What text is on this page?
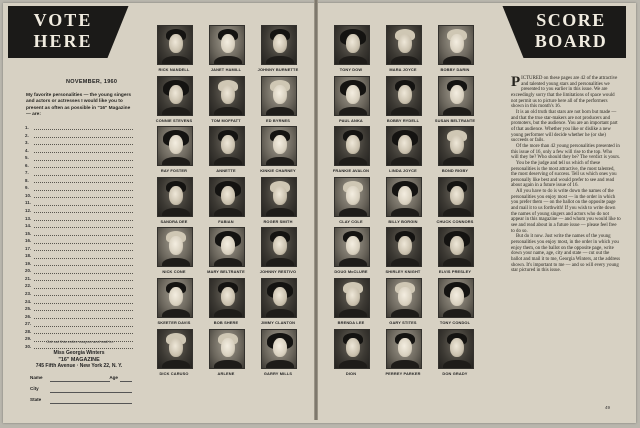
VOTE HERE
NOVEMBER, 1960
My favorite personalities — the young singers and actors or actresses I would like you to present as often as possible in "16" Magazine — are:
1.
2.
3.
4.
5.
6.
7.
8.
9.
10.
11.
12.
13.
14.
15.
16.
17.
18.
19.
20.
21.
22.
23.
24.
25.
26.
27.
28.
29.
30.
Cut out this entire coupon and mail to:
Miss Georgia Winters
"16" MAGAZINE
745 Fifth Avenue · New York 22, N. Y.
Name	Age
City
State
RICK NANDELL	JANET HAMILL	JOHNNY BURNETTE
CONNIE STEVENS	TOM MOFFATT	ED BYRNES
RAY FOSTER	ANNETTE	KINKIE CHARNEY
SANDRA DEE	FABIAN	ROGER SMITH
NICK CONE	MARY BELTRANTE	JOHNNY RESTIVO
SKEETER DAVIS	BOB SHERE	JIMMY CLANTON
DICK CARUSO	ARLENE	GARRY MILLS
TONY DOW	MARA JOYCE	BOBBY DARIN
PAUL ANKA	BOBBY RYDELL	SUSAN BELTRANTE
FRANKIE AVALON	LINDA JOYCE	BOND RIGBY
CLAY COLE	BILLY BORGIN	CHUCK CONNORS
DOUG McCLURE	SHIRLEY KNIGHT	ELVIS PRESLEY
BRENDA LEE	GARY STITES	TONY CONDOL
DION	PERREY PARKER	DON GRADY
SCORE BOARD

PICTURED on these pages are 42 of the attractive and talented young stars and personalities we presented to you earlier in this issue. We are exceedingly sorry that the limitations of space would not permit us to picture here all of the performers shown in this month's 16.

It is an old truth that stars are not born but made — and that the true star-makers are not producers and promoters, but the audience. You are an important part of that audience. Whether you like or dislike a new young performer will decide whether he (or she) succeeds or fails.

Of the more than 42 young personalities presented in this issue of 16, only a few will rise to the top. Who will they be? Who should they be? The verdict is yours.

You be the judge and tell us which of these personalities is the most attractive, the most talented, the most deserving of success. Tell us which ones you personally like best and would prefer to see and read about again in a future issue of 16.

All you have to do is write down the names of the personalities you enjoy most — in the order in which you prefer them — on the ballot on the opposite page and mail it to us forthwith! If you wish to write down the names of young singers and actors who do not appear in this magazine — and whom you would like to see and read about in a future issue — please feel free to do so.

But do it now. Just write the names of the young personalities you enjoy most, in the order in which you enjoy them, on the ballot on the opposite page, write down your name, age, city and state — cut out the ballot and mail it to me, Georgia Winters, at the address shown. It's important to me — and so will every young star pictured in this issue.

49
